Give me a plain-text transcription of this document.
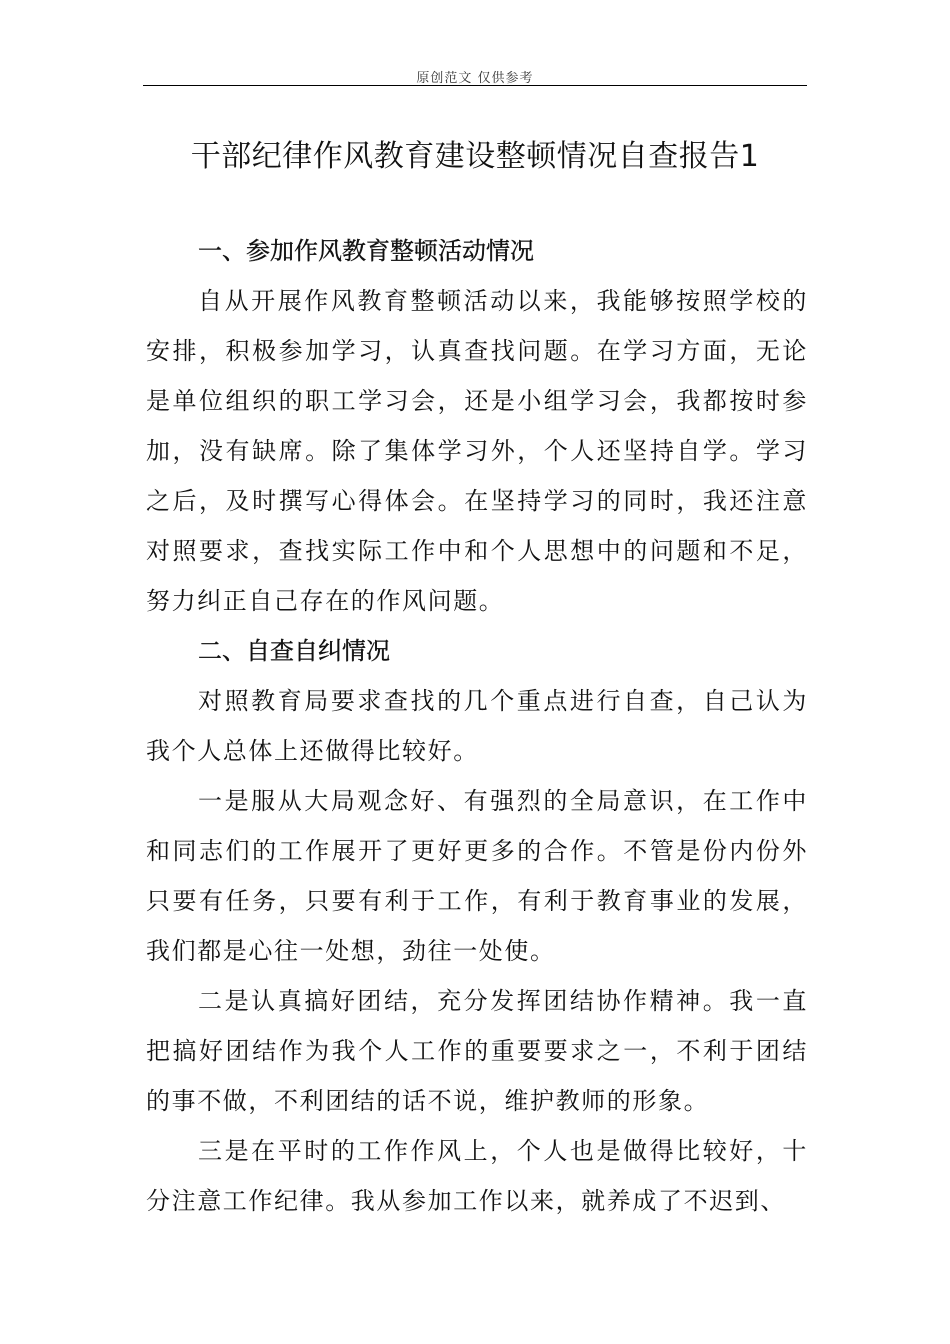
原创范文 仅供参考
干部纪律作风教育建设整顿情况自查报告1
一、参加作风教育整顿活动情况

自从开展作风教育整顿活动以来，我能够按照学校的安排，积极参加学习，认真查找问题。在学习方面，无论是单位组织的职工学习会，还是小组学习会，我都按时参加，没有缺席。除了集体学习外，个人还坚持自学。学习之后，及时撰写心得体会。在坚持学习的同时，我还注意对照要求，查找实际工作中和个人思想中的问题和不足，努力纠正自己存在的作风问题。

二、自查自纠情况

对照教育局要求查找的几个重点进行自查，自己认为我个人总体上还做得比较好。

一是服从大局观念好、有强烈的全局意识，在工作中和同志们的工作展开了更好更多的合作。不管是份内份外只要有任务，只要有利于工作，有利于教育事业的发展，我们都是心往一处想，劲往一处使。

二是认真搞好团结，充分发挥团结协作精神。我一直把搞好团结作为我个人工作的重要要求之一，不利于团结的事不做，不利团结的话不说，维护教师的形象。

三是在平时的工作作风上，个人也是做得比较好，十分注意工作纪律。我从参加工作以来，就养成了不迟到、
